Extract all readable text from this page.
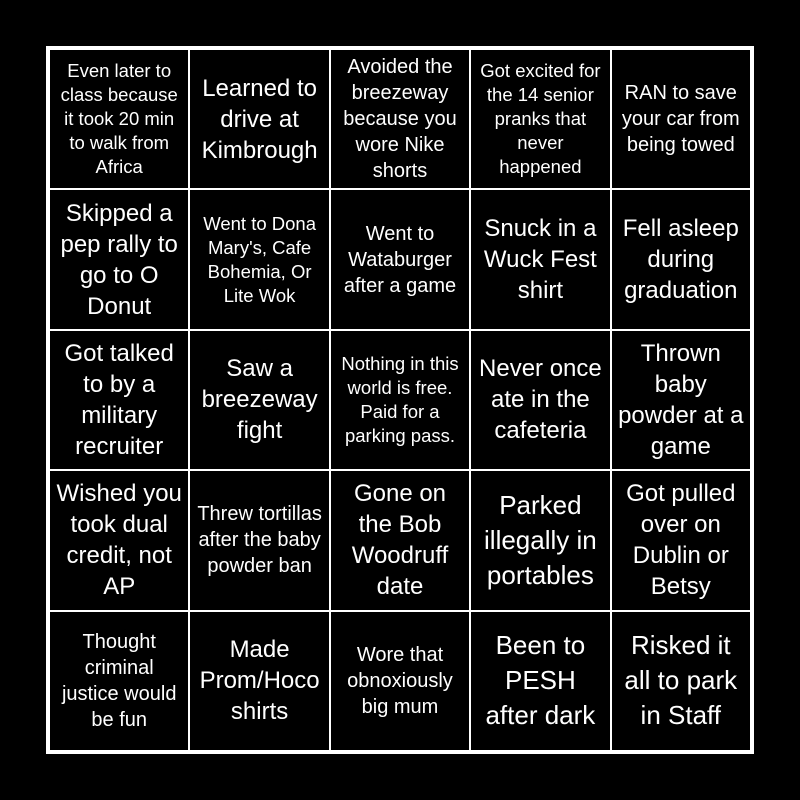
Even later to class because it took 20 min to walk from Africa
Learned to drive at Kimbrough
Avoided the breezeway because you wore Nike shorts
Got excited for the 14 senior pranks that never happened
RAN to save your car from being towed
Skipped a pep rally to go to O Donut
Went to Dona Mary's, Cafe Bohemia, Or Lite Wok
Went to Wataburger after a game
Snuck in a Wuck Fest shirt
Fell asleep during graduation
Got talked to by a military recruiter
Saw a breezeway fight
Nothing in this world is free. Paid for a parking pass.
Never once ate in the cafeteria
Thrown baby powder at a game
Wished you took dual credit, not AP
Threw tortillas after the baby powder ban
Gone on the Bob Woodruff date
Parked illegally in portables
Got pulled over on Dublin or Betsy
Thought criminal justice would be fun
Made Prom/Hoco shirts
Wore that obnoxiously big mum
Been to PESH after dark
Risked it all to park in Staff
